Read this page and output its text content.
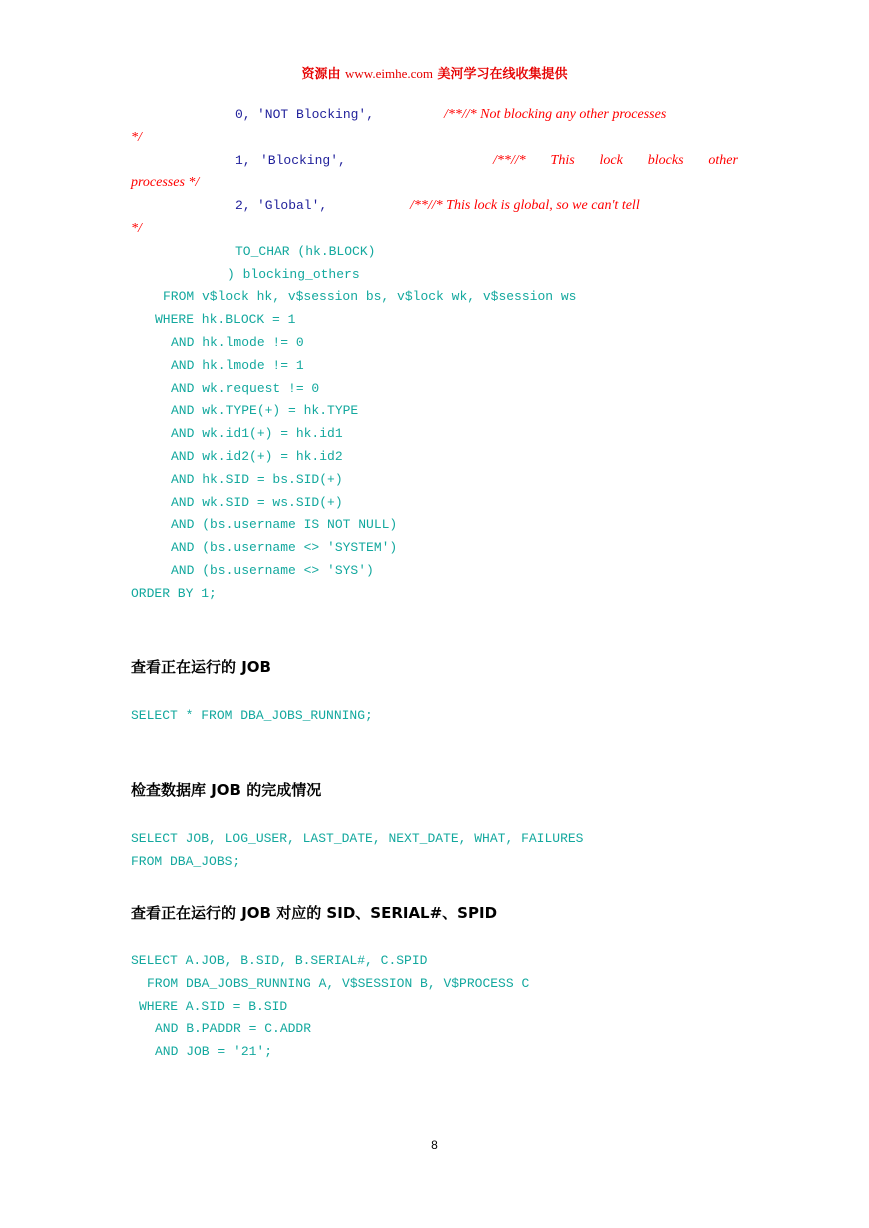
资源由 www.eimhe.com 美河学习在线收集提供
0, 'NOT Blocking',	/**//* Not blocking any other processes
*/
1, 'Blocking',	/**//* This lock blocks other
processes */
2, 'Global',	/**//* This lock is global, so we can't tell
*/
TO_CHAR (hk.BLOCK)
) blocking_others
FROM v$lock hk, v$session bs, v$lock wk, v$session ws
WHERE hk.BLOCK = 1
AND hk.lmode != 0
AND hk.lmode != 1
AND wk.request != 0
AND wk.TYPE(+) = hk.TYPE
AND wk.id1(+) = hk.id1
AND wk.id2(+) = hk.id2
AND hk.SID = bs.SID(+)
AND wk.SID = ws.SID(+)
AND (bs.username IS NOT NULL)
AND (bs.username <> 'SYSTEM')
AND (bs.username <> 'SYS')
ORDER BY 1;
查看正在运行的 JOB
SELECT * FROM DBA_JOBS_RUNNING;
检查数据库 JOB 的完成情况
SELECT JOB, LOG_USER, LAST_DATE, NEXT_DATE, WHAT, FAILURES
FROM DBA_JOBS;
查看正在运行的 JOB 对应的 SID、SERIAL#、SPID
SELECT A.JOB, B.SID, B.SERIAL#, C.SPID
FROM DBA_JOBS_RUNNING A, V$SESSION B, V$PROCESS C
WHERE A.SID = B.SID
AND B.PADDR = C.ADDR
AND JOB = '21';
8
